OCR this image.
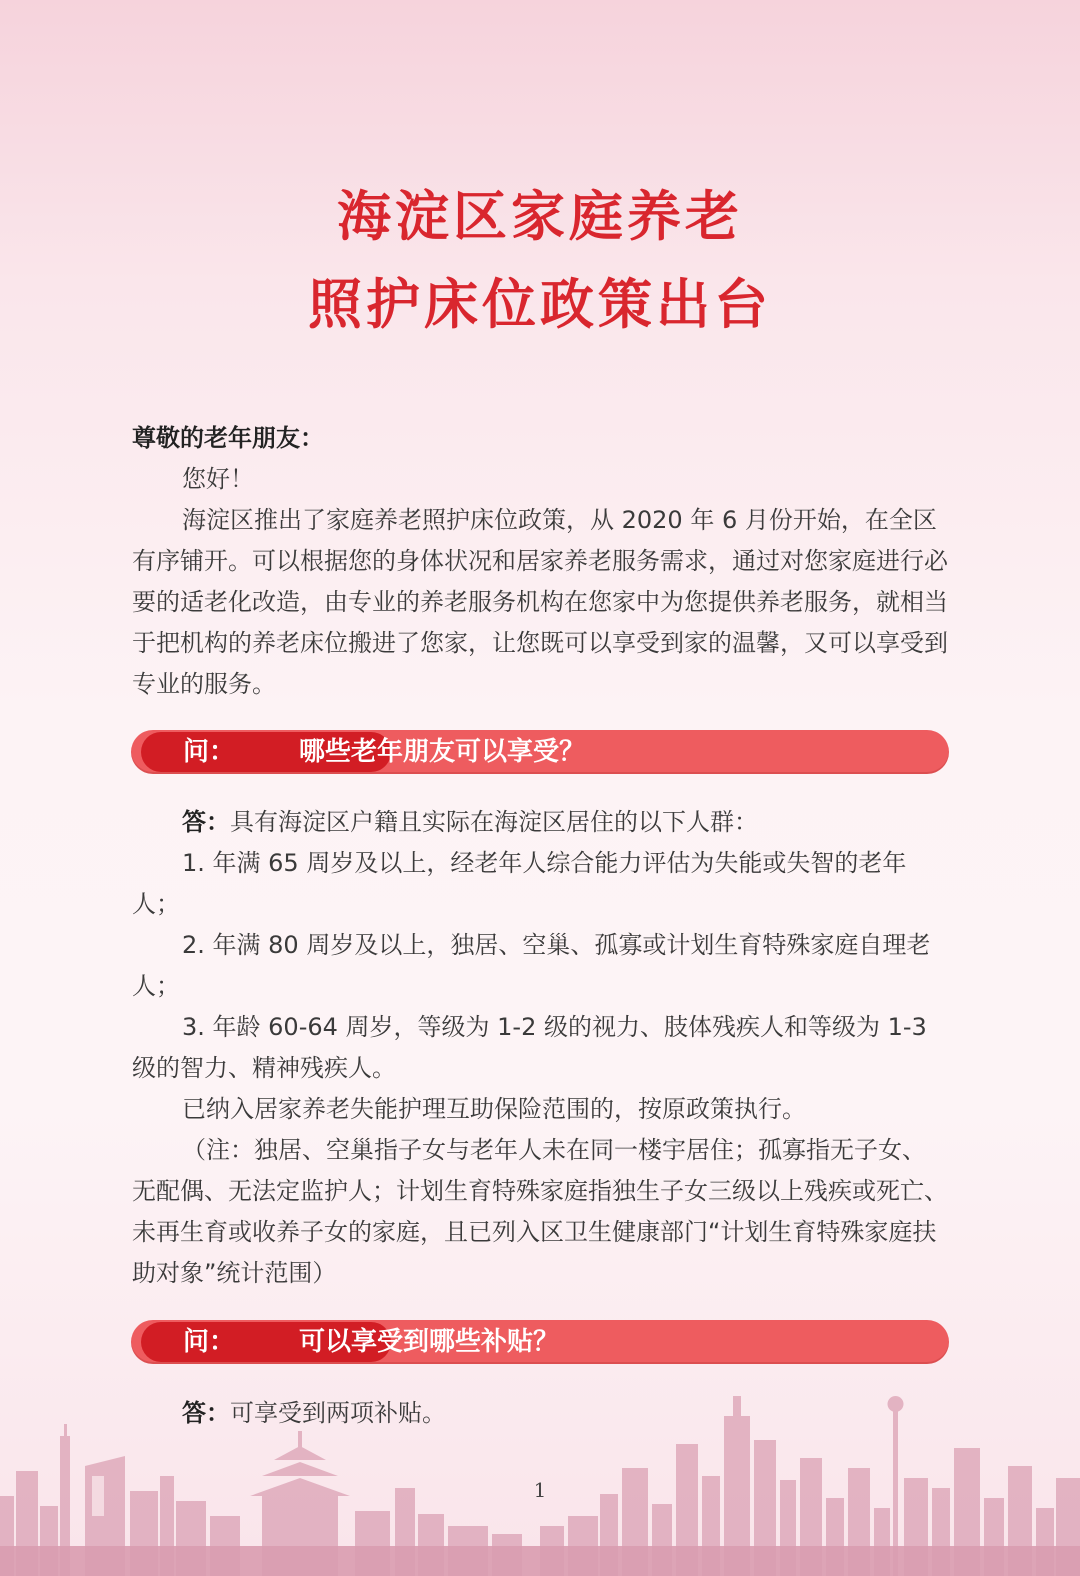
海淀区家庭养老
照护床位政策出台
尊敬的老年朋友：
您好！
海淀区推出了家庭养老照护床位政策，从 2020 年 6 月份开始，在全区有序铺开。可以根据您的身体状况和居家养老服务需求，通过对您家庭进行必要的适老化改造，由专业的养老服务机构在您家中为您提供养老服务，就相当于把机构的养老床位搬进了您家，让您既可以享受到家的温馨，又可以享受到专业的服务。
问： 哪些老年朋友可以享受？
答：具有海淀区户籍且实际在海淀区居住的以下人群：
1. 年满 65 周岁及以上，经老年人综合能力评估为失能或失智的老年人；
2. 年满 80 周岁及以上，独居、空巢、孤寡或计划生育特殊家庭自理老人；
3. 年龄 60-64 周岁，等级为 1-2 级的视力、肢体残疾人和等级为 1-3 级的智力、精神残疾人。
已纳入居家养老失能护理互助保险范围的，按原政策执行。
（注：独居、空巢指子女与老年人未在同一楼宇居住；孤寡指无子女、无配偶、无法定监护人；计划生育特殊家庭指独生子女三级以上残疾或死亡、未再生育或收养子女的家庭，且已列入区卫生健康部门“计划生育特殊家庭扶助对象”统计范围）
问： 可以享受到哪些补贴？
答：可享受到两项补贴。
1
